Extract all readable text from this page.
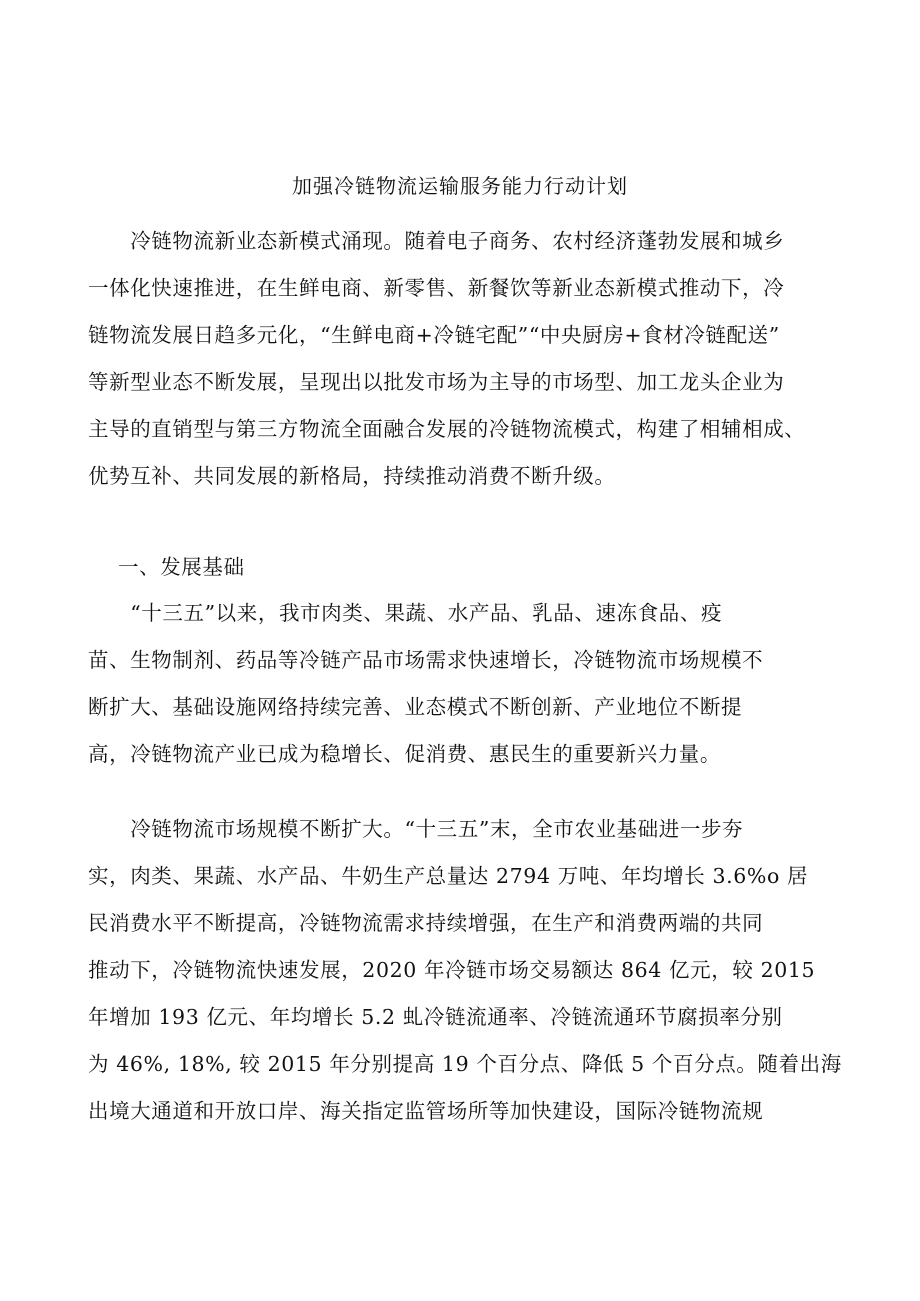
加强冷链物流运输服务能力行动计划
　　冷链物流新业态新模式涌现。随着电子商务、农村经济蓬勃发展和城乡
一体化快速推进，在生鲜电商、新零售、新餐饮等新业态新模式推动下，冷
链物流发展日趋多元化，“生鲜电商+冷链宅配”“中央厨房+食材冷链配送”
等新型业态不断发展，呈现出以批发市场为主导的市场型、加工龙头企业为
主导的直销型与第三方物流全面融合发展的冷链物流模式，构建了相辅相成、
优势互补、共同发展的新格局，持续推动消费不断升级。
一、发展基础
　　“十三五”以来，我市肉类、果蔬、水产品、乳品、速冻食品、疫
苗、生物制剂、药品等冷链产品市场需求快速增长，冷链物流市场规模不
断扩大、基础设施网络持续完善、业态模式不断创新、产业地位不断提
高，冷链物流产业已成为稳增长、促消费、惠民生的重要新兴力量。
　　冷链物流市场规模不断扩大。“十三五”末，全市农业基础进一步夯
实，肉类、果蔬、水产品、牛奶生产总量达 2794 万吨、年均增长 3.6%o 居
民消费水平不断提高，冷链物流需求持续增强，在生产和消费两端的共同
推动下，冷链物流快速发展，2020 年冷链市场交易额达 864 亿元，较 2015
年增加 193 亿元、年均增长 5.2 虬冷链流通率、冷链流通环节腐损率分别
为 46%, 18%, 较 2015 年分别提高 19 个百分点、降低 5 个百分点。随着出海
出境大通道和开放口岸、海关指定监管场所等加快建设，国际冷链物流规
